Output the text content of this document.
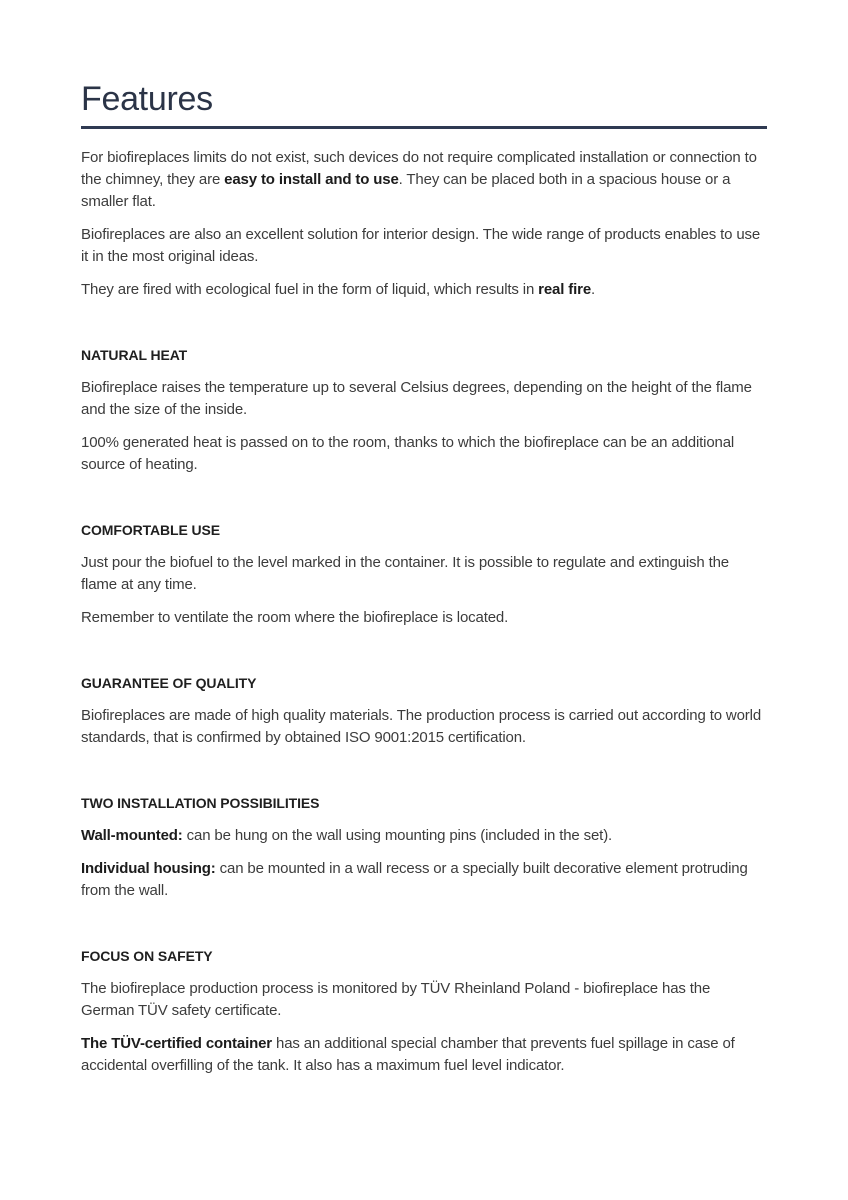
Features

For biofireplaces limits do not exist, such devices do not require complicated installation or connection to the chimney, they are easy to install and to use. They can be placed both in a spacious house or a smaller flat.

Biofireplaces are also an excellent solution for interior design. The wide range of products enables to use it in the most original ideas.

They are fired with ecological fuel in the form of liquid, which results in real fire.

NATURAL HEAT

Biofireplace raises the temperature up to several Celsius degrees, depending on the height of the flame and the size of the inside.

100% generated heat is passed on to the room, thanks to which the biofireplace can be an additional source of heating.

COMFORTABLE USE

Just pour the biofuel to the level marked in the container. It is possible to regulate and extinguish the flame at any time.

Remember to ventilate the room where the biofireplace is located.

GUARANTEE OF QUALITY

Biofireplaces are made of high quality materials. The production process is carried out according to world standards, that is confirmed by obtained ISO 9001:2015 certification.

TWO INSTALLATION POSSIBILITIES

Wall-mounted: can be hung on the wall using mounting pins (included in the set).

Individual housing: can be mounted in a wall recess or a specially built decorative element protruding from the wall.

FOCUS ON SAFETY

The biofireplace production process is monitored by TÜV Rheinland Poland - biofireplace has the German TÜV safety certificate.

The TÜV-certified container has an additional special chamber that prevents fuel spillage in case of accidental overfilling of the tank. It also has a maximum fuel level indicator.
